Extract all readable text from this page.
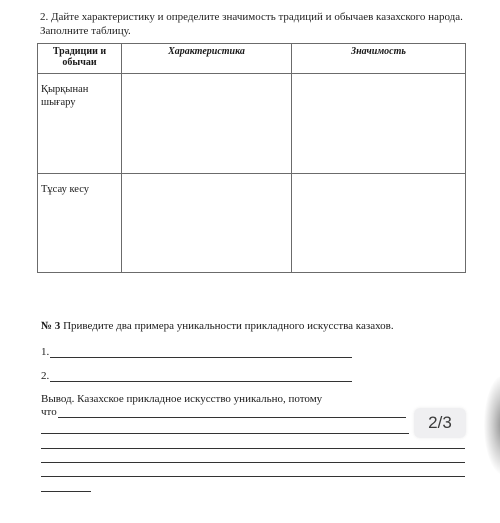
2. Дайте характеристику и определите значимость традиций и обычаев казахского народа.
Заполните таблицу.
Традиции и
обычаи	Характеристика	Значимость

Қырқынан
шығару		

Тұсау кесу		

№ 3 Приведите два примера уникальности прикладного искусства казахов.
1.
2.
Вывод. Казахское прикладное искусство уникально, потому
что
2/3
